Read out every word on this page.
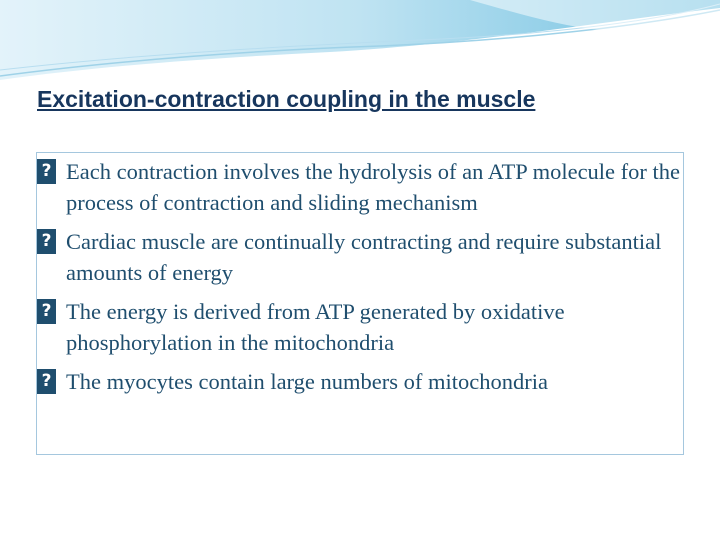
Excitation-contraction coupling in the muscle
? Each contraction involves the hydrolysis of an ATP molecule for the process of contraction and sliding mechanism
? Cardiac muscle are continually contracting and require substantial amounts of energy
? The energy is derived from ATP generated by oxidative phosphorylation in the mitochondria
? The myocytes contain large numbers of mitochondria
